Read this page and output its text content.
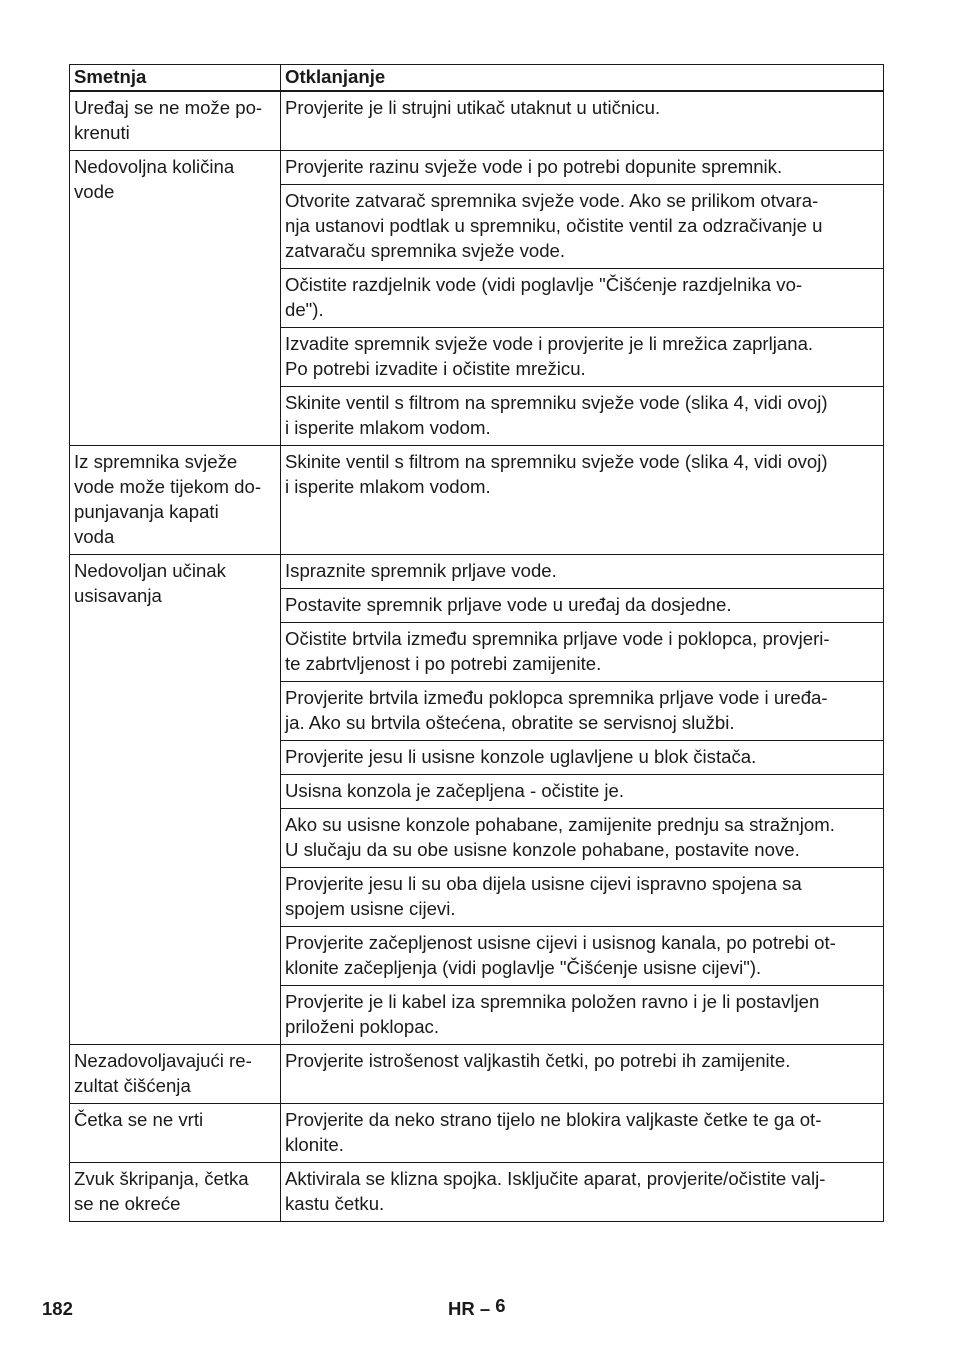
Smetnja	Otklanjanje
Uređaj se ne može po-
krenuti	Provjerite je li strujni utikač utaknut u utičnicu.

Nedovoljna količina
vode	Provjerite razinu svježe vode i po potrebi dopunite spremnik.
	Otvorite zatvarač spremnika svježe vode. Ako se prilikom otvara-
nja ustanovi podtlak u spremniku, očistite ventil za odzračivanje u
zatvaraču spremnika svježe vode.
	Očistite razdjelnik vode (vidi poglavlje "Čišćenje razdjelnika vo-
de").
	Izvadite spremnik svježe vode i provjerite je li mrežica zaprljana.
Po potrebi izvadite i očistite mrežicu.
	Skinite ventil s filtrom na spremniku svježe vode (slika 4, vidi ovoj)
i isperite mlakom vodom.
Iz spremnika svježe
vode može tijekom do-
punjavanja kapati
voda	Skinite ventil s filtrom na spremniku svježe vode (slika 4, vidi ovoj)
i isperite mlakom vodom.
Nedovoljan učinak
usisavanja	Ispraznite spremnik prljave vode.
	Postavite spremnik prljave vode u uređaj da dosjedne.
	Očistite brtvila između spremnika prljave vode i poklopca, provjeri-
te zabrtvljenost i po potrebi zamijenite.
	Provjerite brtvila između poklopca spremnika prljave vode i uređa-
ja. Ako su brtvila oštećena, obratite se servisnoj službi.
	Provjerite jesu li usisne konzole uglavljene u blok čistača.
	Usisna konzola je začepljena - očistite je.
	Ako su usisne konzole pohabane, zamijenite prednju sa stražnjom.
U slučaju da su obe usisne konzole pohabane, postavite nove.
	Provjerite jesu li su oba dijela usisne cijevi ispravno spojena sa
spojem usisne cijevi.
	Provjerite začepljenost usisne cijevi i usisnog kanala, po potrebi ot-
klonite začepljenja (vidi poglavlje "Čišćenje usisne cijevi").
	Provjerite je li kabel iza spremnika položen ravno i je li postavljen
priloženi poklopac.
Nezadovoljavajući re-
zultat čišćenja	Provjerite istrošenost valjkastih četki, po potrebi ih zamijenite.

Četka se ne vrti	Provjerite da neko strano tijelo ne blokira valjkaste četke te ga ot-
klonite.
Zvuk škripanja, četka
se ne okreće	Aktivirala se klizna spojka. Isključite aparat, provjerite/očistite valj-
kastu četku.
182	HR – 6
